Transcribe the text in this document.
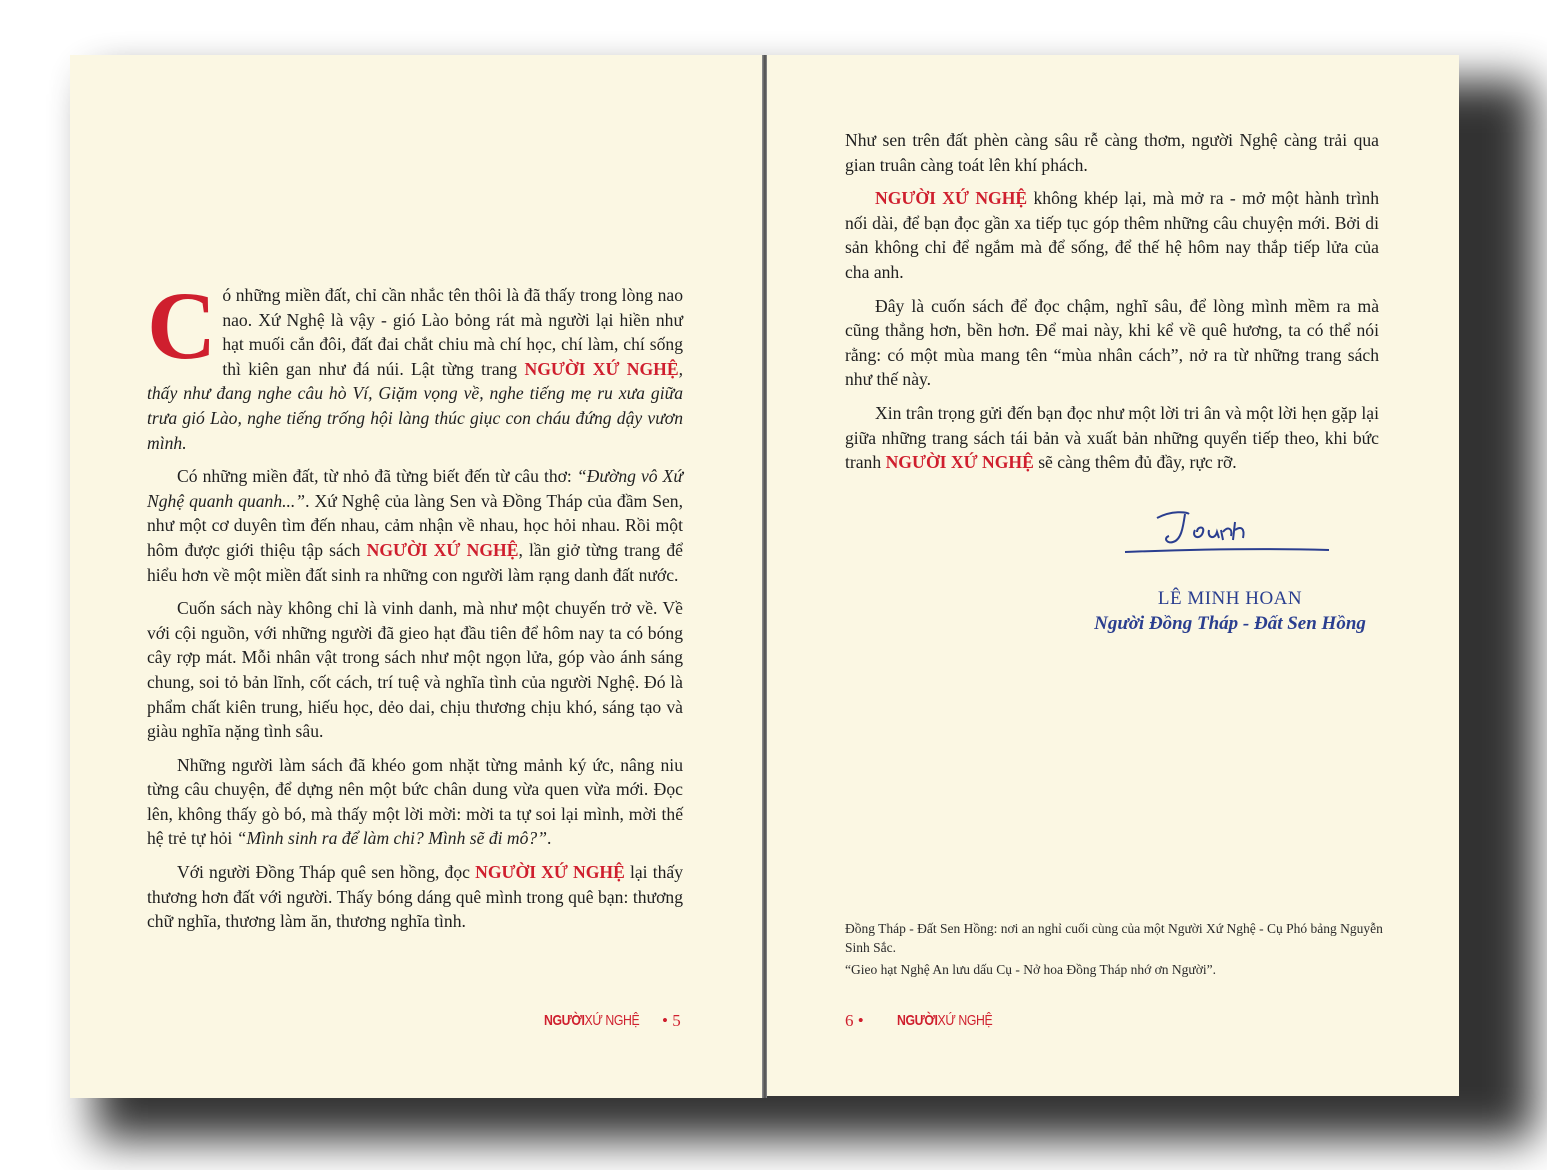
Có những miền đất, chỉ cần nhắc tên thôi là đã thấy trong lòng nao nao. Xứ Nghệ là vậy - gió Lào bỏng rát mà người lại hiền như hạt muối cắn đôi, đất đai chắt chiu mà chí học, chí làm, chí sống thì kiên gan như đá núi. Lật từng trang NGƯỜI XỨ NGHỆ, thấy như đang nghe câu hò Ví, Giặm vọng về, nghe tiếng mẹ ru xưa giữa trưa gió Lào, nghe tiếng trống hội làng thúc giục con cháu đứng dậy vươn mình.

Có những miền đất, từ nhỏ đã từng biết đến từ câu thơ: “Đường vô Xứ Nghệ quanh quanh...”. Xứ Nghệ của làng Sen và Đồng Tháp của đầm Sen, như một cơ duyên tìm đến nhau, cảm nhận về nhau, học hỏi nhau. Rồi một hôm được giới thiệu tập sách NGƯỜI XỨ NGHỆ, lần giở từng trang để hiểu hơn về một miền đất sinh ra những con người làm rạng danh đất nước.

Cuốn sách này không chỉ là vinh danh, mà như một chuyến trở về. Về với cội nguồn, với những người đã gieo hạt đầu tiên để hôm nay ta có bóng cây rợp mát. Mỗi nhân vật trong sách như một ngọn lửa, góp vào ánh sáng chung, soi tỏ bản lĩnh, cốt cách, trí tuệ và nghĩa tình của người Nghệ. Đó là phẩm chất kiên trung, hiếu học, dẻo dai, chịu thương chịu khó, sáng tạo và giàu nghĩa nặng tình sâu.

Những người làm sách đã khéo gom nhặt từng mảnh ký ức, nâng niu từng câu chuyện, để dựng nên một bức chân dung vừa quen vừa mới. Đọc lên, không thấy gò bó, mà thấy một lời mời: mời ta tự soi lại mình, mời thế hệ trẻ tự hỏi “Mình sinh ra để làm chi? Mình sẽ đi mô?”.

Với người Đồng Tháp quê sen hồng, đọc NGƯỜI XỨ NGHỆ lại thấy thương hơn đất với người. Thấy bóng dáng quê mình trong quê bạn: thương chữ nghĩa, thương làm ăn, thương nghĩa tình.

NGƯỜIXỨ NGHỆ • 5

Như sen trên đất phèn càng sâu rễ càng thơm, người Nghệ càng trải qua gian truân càng toát lên khí phách.

NGƯỜI XỨ NGHỆ không khép lại, mà mở ra - mở một hành trình nối dài, để bạn đọc gần xa tiếp tục góp thêm những câu chuyện mới. Bởi di sản không chỉ để ngắm mà để sống, để thế hệ hôm nay thắp tiếp lửa của cha anh.

Đây là cuốn sách để đọc chậm, nghĩ sâu, để lòng mình mềm ra mà cũng thẳng hơn, bền hơn. Để mai này, khi kể về quê hương, ta có thể nói rằng: có một mùa mang tên “mùa nhân cách”, nở ra từ những trang sách như thế này.

Xin trân trọng gửi đến bạn đọc như một lời tri ân và một lời hẹn gặp lại giữa những trang sách tái bản và xuất bản những quyển tiếp theo, khi bức tranh NGƯỜI XỨ NGHỆ sẽ càng thêm đủ đầy, rực rỡ.

LÊ MINH HOAN
Người Đồng Tháp - Đất Sen Hồng
Đồng Tháp - Đất Sen Hồng: nơi an nghỉ cuối cùng của một Người Xứ Nghệ - Cụ Phó bảng Nguyễn Sinh Sắc.
“Gieo hạt Nghệ An lưu dấu Cụ - Nở hoa Đồng Tháp nhớ ơn Người”.
6 • NGƯỜIXỨ NGHỆ
